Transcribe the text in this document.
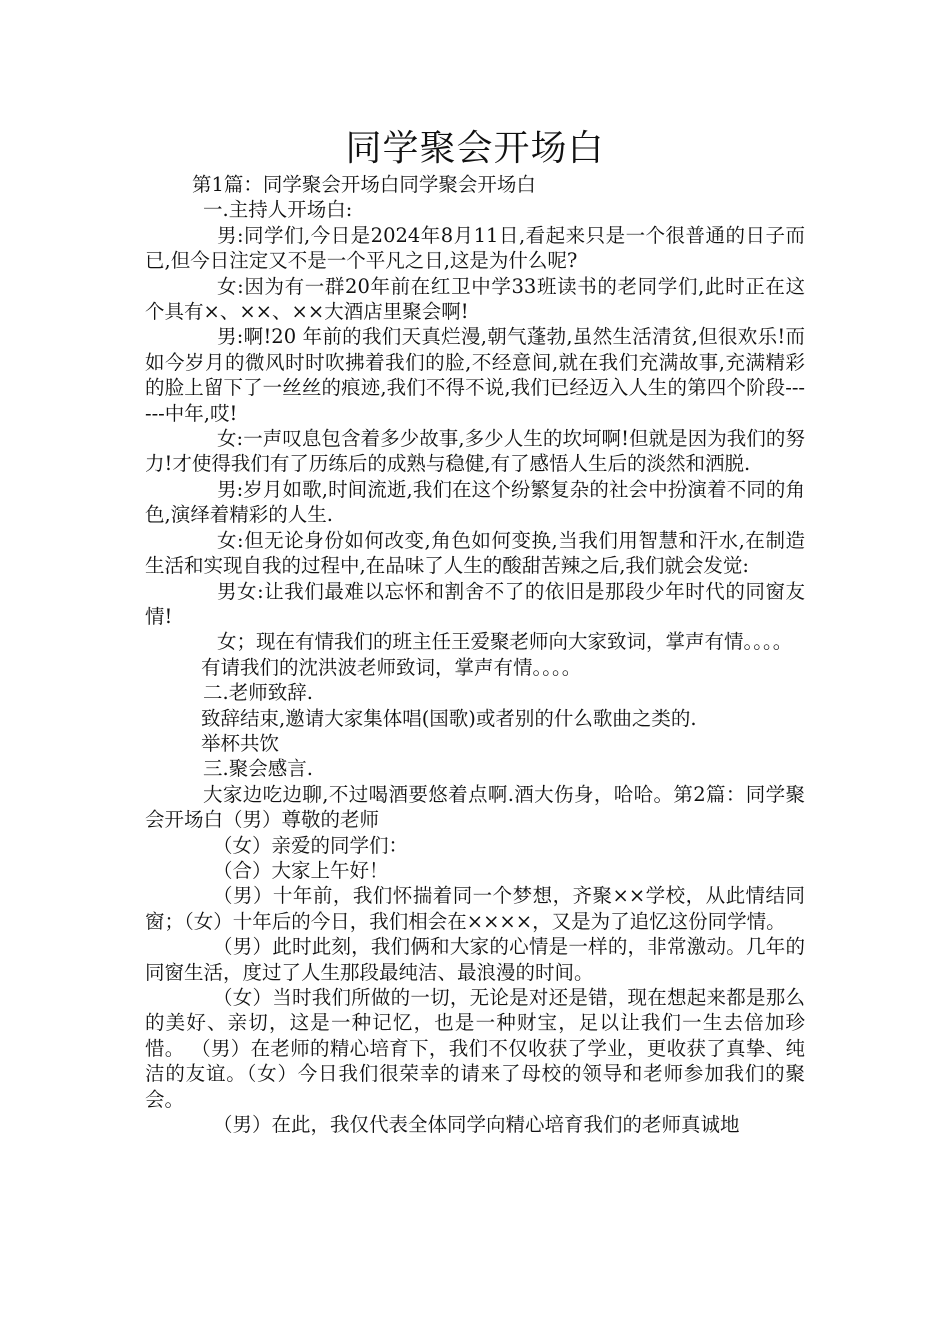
同学聚会开场白

第1篇：同学聚会开场白同学聚会开场白

一.主持人开场白:

男:同学们,今日是2024年8月11日,看起来只是一个很普通的日子而已,但今日注定又不是一个平凡之日,这是为什么呢?

女:因为有一群20年前在红卫中学33班读书的老同学们,此时正在这个具有×、××、××大酒店里聚会啊!

男:啊!20 年前的我们天真烂漫,朝气蓬勃,虽然生活清贫,但很欢乐!而如今岁月的微风时时吹拂着我们的脸,不经意间,就在我们充满故事,充满精彩的脸上留下了一丝丝的痕迹,我们不得不说,我们已经迈入人生的第四个阶段------中年,哎!

女:一声叹息包含着多少故事,多少人生的坎坷啊!但就是因为我们的努力!才使得我们有了历练后的成熟与稳健,有了感悟人生后的淡然和洒脱.

男:岁月如歌,时间流逝,我们在这个纷繁复杂的社会中扮演着不同的角色,演绎着精彩的人生.

女:但无论身份如何改变,角色如何变换,当我们用智慧和汗水,在制造生活和实现自我的过程中,在品味了人生的酸甜苦辣之后,我们就会发觉:

男女:让我们最难以忘怀和割舍不了的依旧是那段少年时代的同窗友情!

女；现在有情我们的班主任王爱聚老师向大家致词，掌声有情。。。。

有请我们的沈洪波老师致词，掌声有情。。。。

二.老师致辞.

致辞结束,邀请大家集体唱(国歌)或者别的什么歌曲之类的.

举杯共饮

三.聚会感言.

大家边吃边聊,不过喝酒要悠着点啊.酒大伤身，哈哈。第2篇：同学聚会开场白（男）尊敬的老师

（女）亲爱的同学们：

（合）大家上午好！

（男）十年前，我们怀揣着同一个梦想，齐聚××学校，从此情结同窗；（女）十年后的今日，我们相会在××××，又是为了追忆这份同学情。

（男）此时此刻，我们俩和大家的心情是一样的，非常激动。几年的同窗生活，度过了人生那段最纯洁、最浪漫的时间。

（女）当时我们所做的一切，无论是对还是错，现在想起来都是那么的美好、亲切，这是一种记忆，也是一种财宝，足以让我们一生去倍加珍惜。 （男）在老师的精心培育下，我们不仅收获了学业，更收获了真挚、纯洁的友谊。（女）今日我们很荣幸的请来了母校的领导和老师参加我们的聚会。

（男）在此，我仅代表全体同学向精心培育我们的老师真诚地
